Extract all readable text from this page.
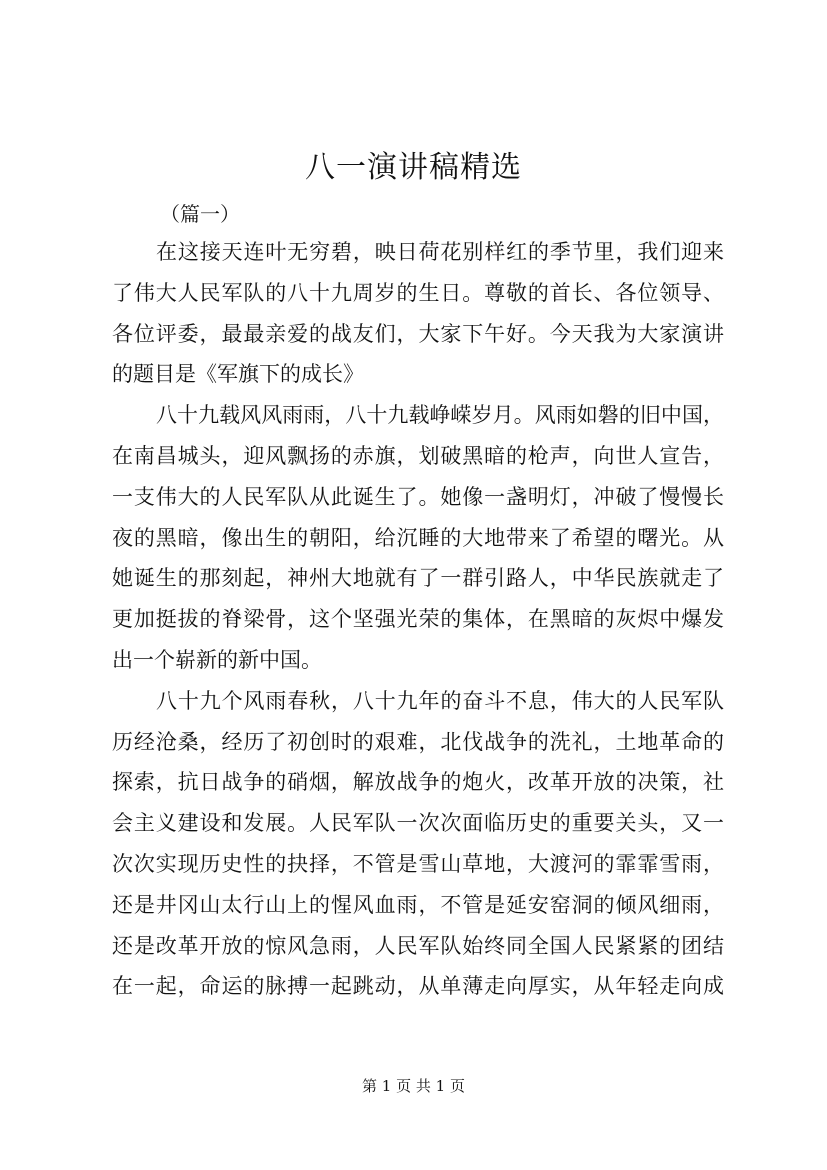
八一演讲稿精选
（篇一）
在这接天连叶无穷碧，映日荷花别样红的季节里，我们迎来
了伟大人民军队的八十九周岁的生日。尊敬的首长、各位领导、
各位评委，最最亲爱的战友们，大家下午好。今天我为大家演讲
的题目是《军旗下的成长》
八十九载风风雨雨，八十九载峥嵘岁月。风雨如磐的旧中国，
在南昌城头，迎风飘扬的赤旗，划破黑暗的枪声，向世人宣告，
一支伟大的人民军队从此诞生了。她像一盏明灯，冲破了慢慢长
夜的黑暗，像出生的朝阳，给沉睡的大地带来了希望的曙光。从
她诞生的那刻起，神州大地就有了一群引路人，中华民族就走了
更加挺拔的脊梁骨，这个坚强光荣的集体，在黑暗的灰烬中爆发
出一个崭新的新中国。
八十九个风雨春秋，八十九年的奋斗不息，伟大的人民军队
历经沧桑，经历了初创时的艰难，北伐战争的洗礼，土地革命的
探索，抗日战争的硝烟，解放战争的炮火，改革开放的决策，社
会主义建设和发展。人民军队一次次面临历史的重要关头，又一
次次实现历史性的抉择，不管是雪山草地，大渡河的霏霏雪雨，
还是井冈山太行山上的惺风血雨，不管是延安窑洞的倾风细雨，
还是改革开放的惊风急雨，人民军队始终同全国人民紧紧的团结
在一起，命运的脉搏一起跳动，从单薄走向厚实，从年轻走向成
第 1 页 共 1 页
